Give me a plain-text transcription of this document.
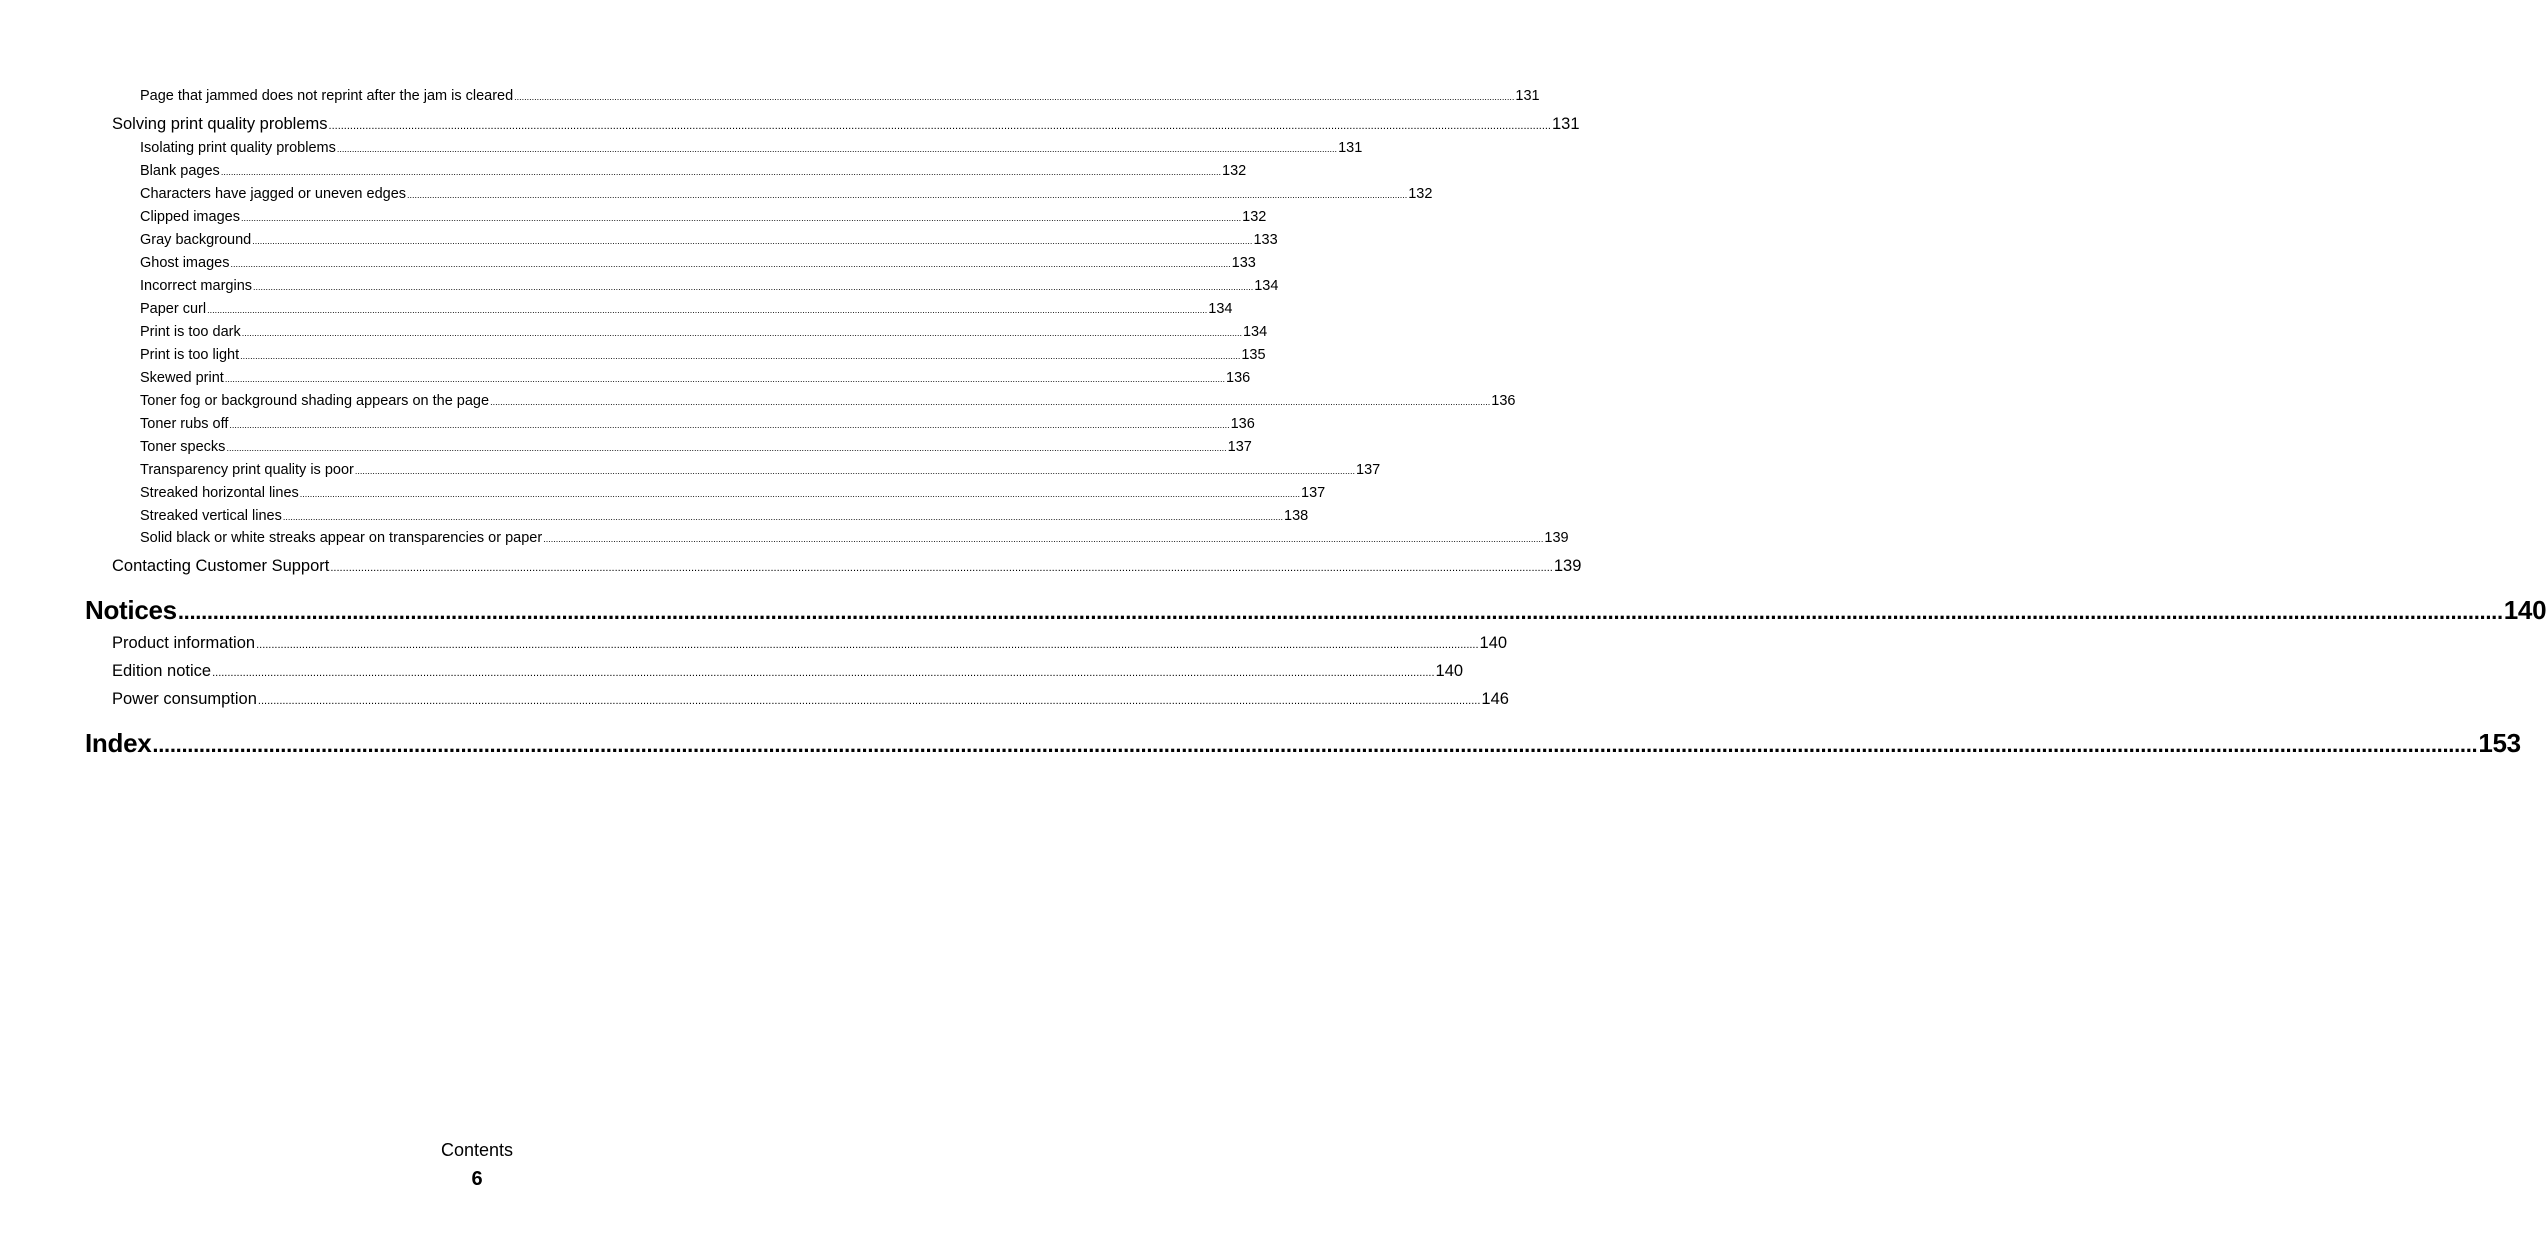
Page that jammed does not reprint after the jam is cleared ................................................................................................................................................................................................................................................................................................................................................................................................................ 131
Solving print quality problems ................................................................................................................................................................................................................................................................................................................................................................................................................ 131
Isolating print quality problems ................................................................................................................................................................................................................................................................................................................................................................................................................ 131
Blank pages ................................................................................................................................................................................................................................................................................................................................................................................................................ 132
Characters have jagged or uneven edges ................................................................................................................................................................................................................................................................................................................................................................................................................ 132
Clipped images ................................................................................................................................................................................................................................................................................................................................................................................................................ 132
Gray background ................................................................................................................................................................................................................................................................................................................................................................................................................ 133
Ghost images ................................................................................................................................................................................................................................................................................................................................................................................................................ 133
Incorrect margins ................................................................................................................................................................................................................................................................................................................................................................................................................ 134
Paper curl ................................................................................................................................................................................................................................................................................................................................................................................................................ 134
Print is too dark ................................................................................................................................................................................................................................................................................................................................................................................................................ 134
Print is too light ................................................................................................................................................................................................................................................................................................................................................................................................................ 135
Skewed print ................................................................................................................................................................................................................................................................................................................................................................................................................ 136
Toner fog or background shading appears on the page ................................................................................................................................................................................................................................................................................................................................................................................................................ 136
Toner rubs off ................................................................................................................................................................................................................................................................................................................................................................................................................ 136
Toner specks ................................................................................................................................................................................................................................................................................................................................................................................................................ 137
Transparency print quality is poor ................................................................................................................................................................................................................................................................................................................................................................................................................ 137
Streaked horizontal lines ................................................................................................................................................................................................................................................................................................................................................................................................................ 137
Streaked vertical lines ................................................................................................................................................................................................................................................................................................................................................................................................................ 138
Solid black or white streaks appear on transparencies or paper ................................................................................................................................................................................................................................................................................................................................................................................................................ 139
Contacting Customer Support ................................................................................................................................................................................................................................................................................................................................................................................................................ 139
Notices ................................................................................................................................................................................................................................................................................................................................................................................................................ 140
Product information ................................................................................................................................................................................................................................................................................................................................................................................................................ 140
Edition notice ................................................................................................................................................................................................................................................................................................................................................................................................................ 140
Power consumption ................................................................................................................................................................................................................................................................................................................................................................................................................ 146
Index ................................................................................................................................................................................................................................................................................................................................................................................................................ 153
Contents
6
